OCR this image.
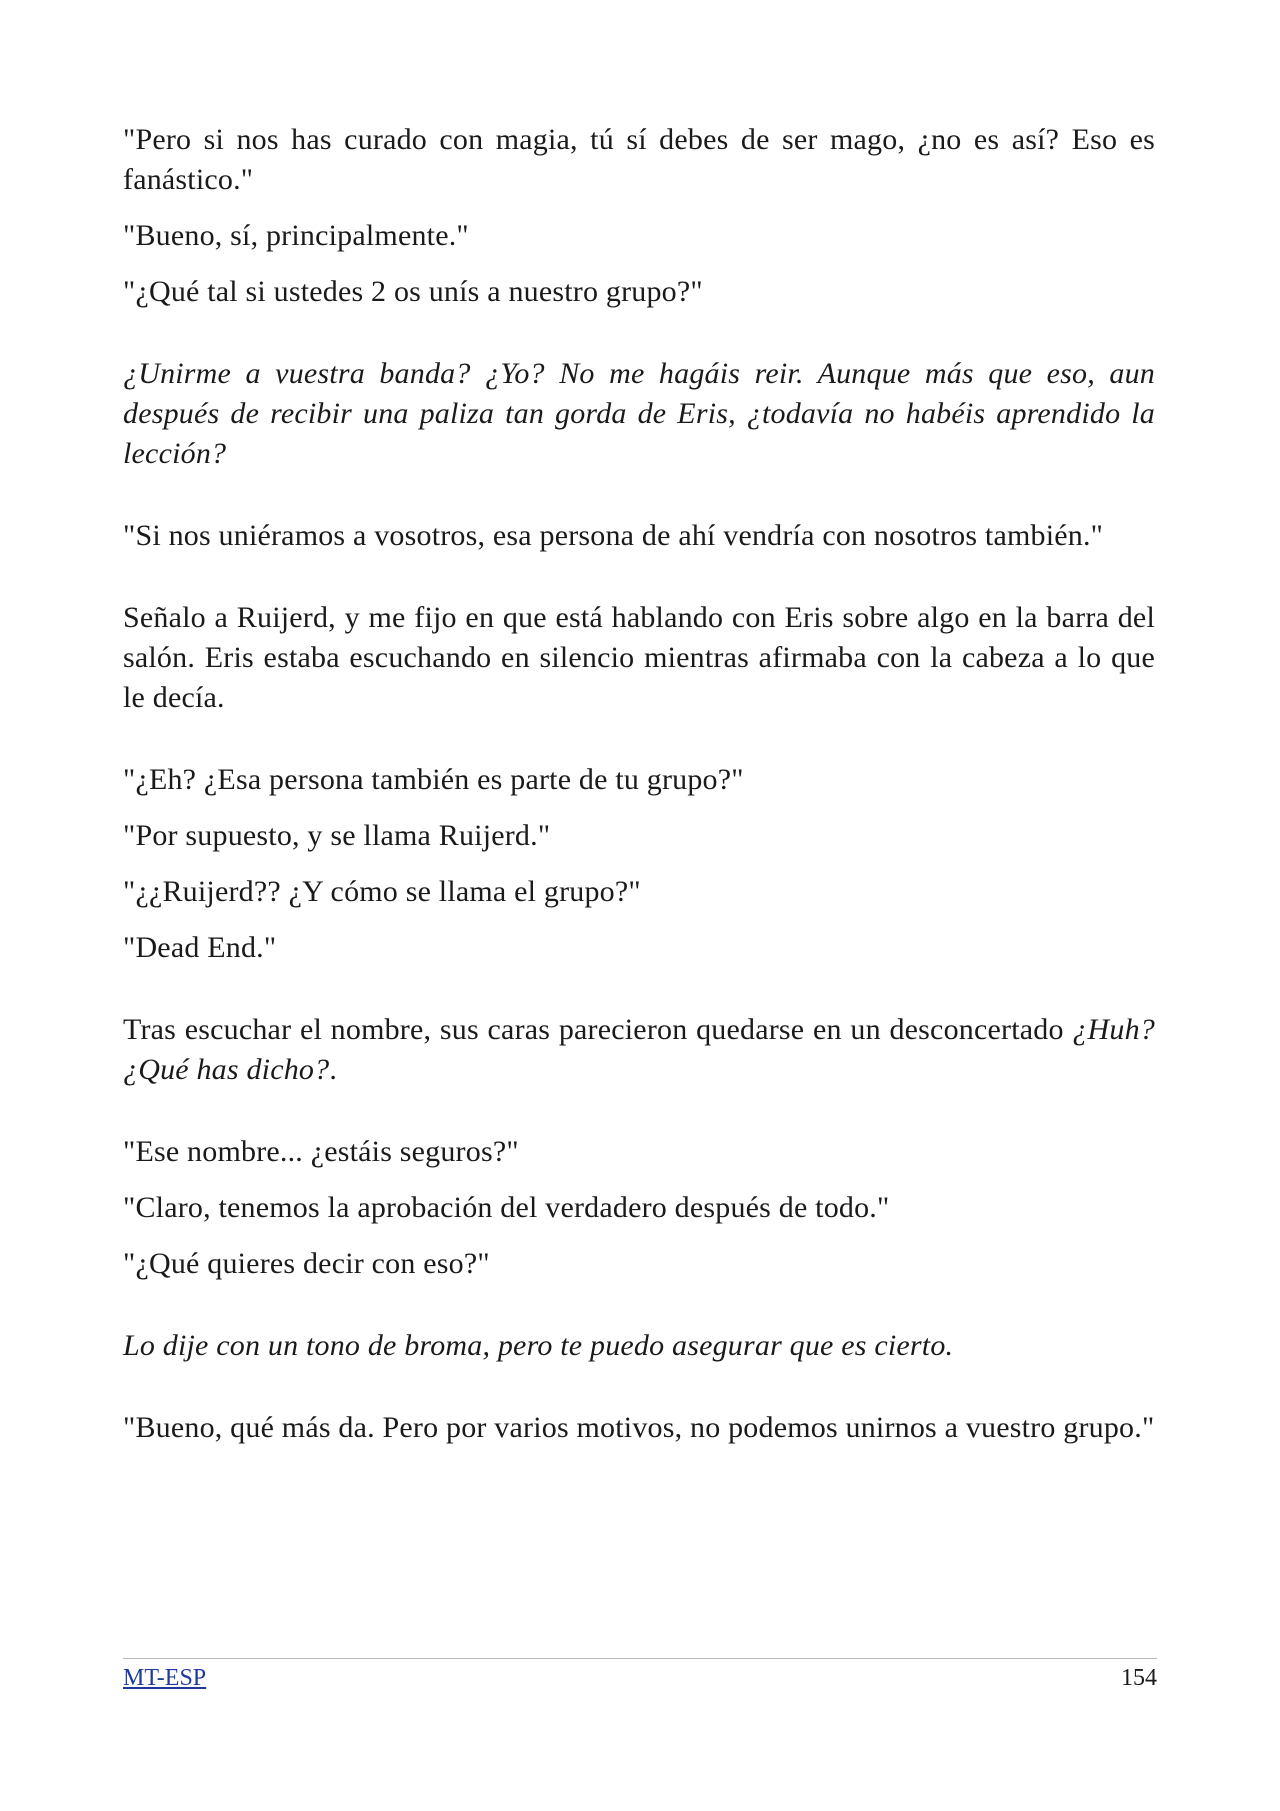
"Pero si nos has curado con magia, tú sí debes de ser mago, ¿no es así? Eso es fanástico."

"Bueno, sí, principalmente."

"¿Qué tal si ustedes 2 os unís a nuestro grupo?"

¿Unirme a vuestra banda? ¿Yo? No me hagáis reir. Aunque más que eso, aun después de recibir una paliza tan gorda de Eris, ¿todavía no habéis aprendido la lección?

"Si nos uniéramos a vosotros, esa persona de ahí vendría con nosotros también."

Señalo a Ruijerd, y me fijo en que está hablando con Eris sobre algo en la barra del salón. Eris estaba escuchando en silencio mientras afirmaba con la cabeza a lo que le decía.

"¿Eh? ¿Esa persona también es parte de tu grupo?"

"Por supuesto, y se llama Ruijerd."

"¿¿Ruijerd?? ¿Y cómo se llama el grupo?"

"Dead End."

Tras escuchar el nombre, sus caras parecieron quedarse en un desconcertado ¿Huh? ¿Qué has dicho?.

"Ese nombre... ¿estáis seguros?"

"Claro, tenemos la aprobación del verdadero después de todo."

"¿Qué quieres decir con eso?"

Lo dije con un tono de broma, pero te puedo asegurar que es cierto.

"Bueno, qué más da. Pero por varios motivos, no podemos unirnos a vuestro grupo."

MT-ESP	154
